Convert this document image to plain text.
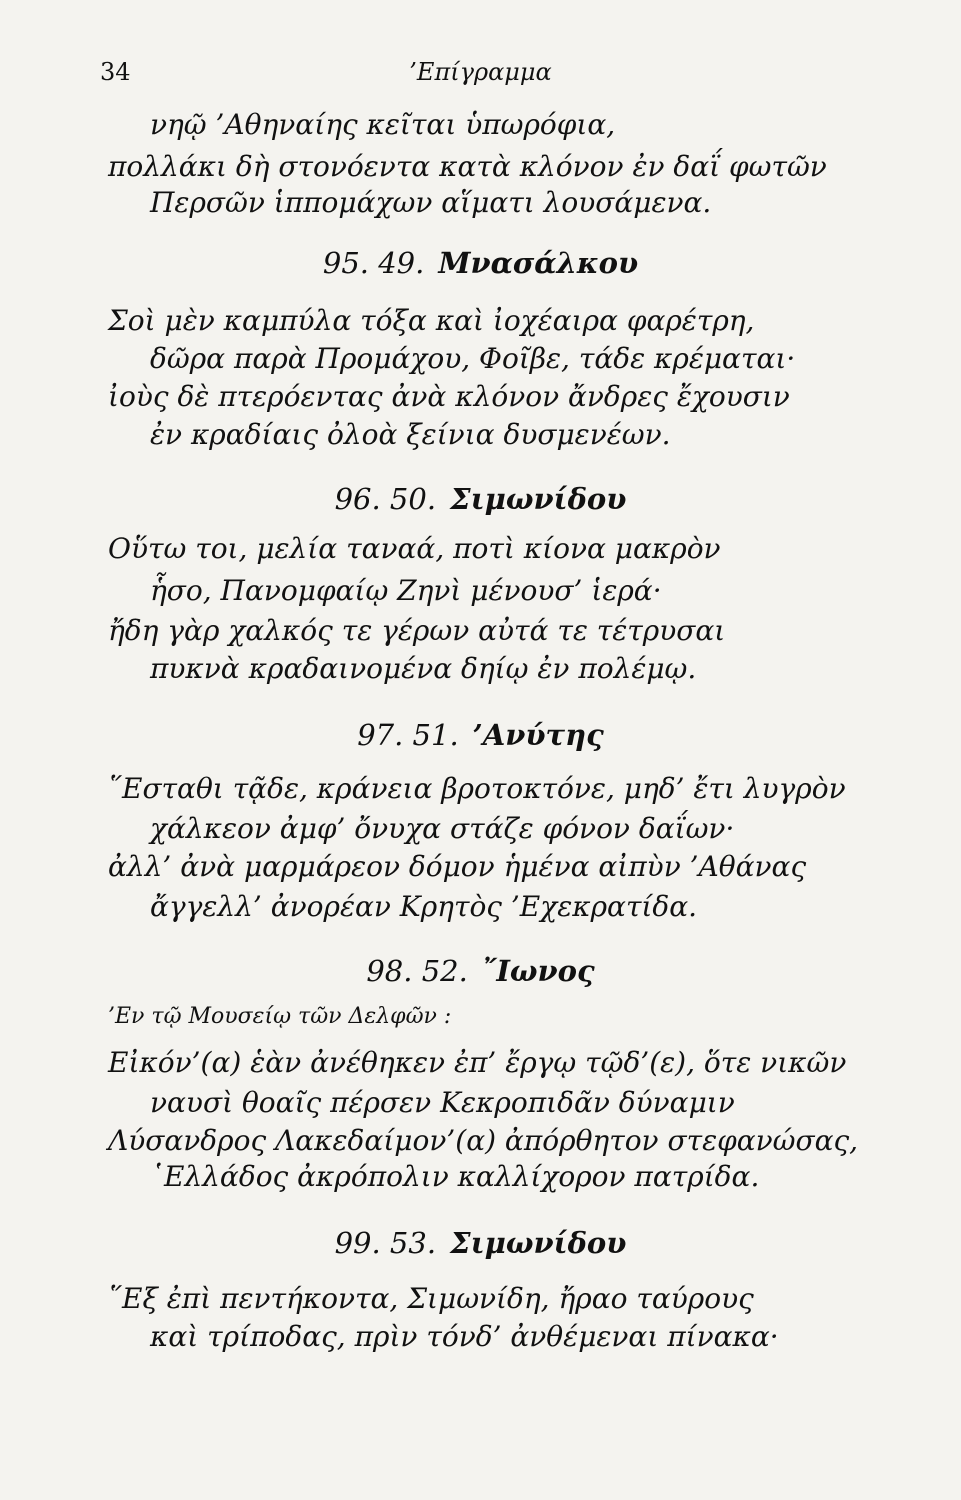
34	’Επίγραμμα
νηῷ ’Αθηναίης κεῖται ὑπωρόφια,
πολλάκι δὴ στονόεντα κατὰ κλόνον ἐν δαΐ φωτῶν
Περσῶν ἱππομάχων αἵματι λουσάμενα.
95. 49. Μνασάλκου
Σοὶ μὲν καμπύλα τόξα καὶ ἰοχέαιρα φαρέτρη,
δῶρα παρὰ Προμάχου, Φοῖβε, τάδε κρέμαται·
ἰοὺς δὲ πτερόεντας ἀνὰ κλόνον ἄνδρες ἔχουσιν
ἐν κραδίαις ὀλοὰ ξείνια δυσμενέων.
96. 50. Σιμωνίδου
Οὕτω τοι, μελία ταναά, ποτὶ κίονα μακρὸν
ἧσο, Πανομφαίῳ Ζηνὶ μένουσ’ ἱερά·
ἤδη γὰρ χαλκός τε γέρων αὐτά τε τέτρυσαι
πυκνὰ κραδαινομένα δηίῳ ἐν πολέμῳ.
97. 51. ’Ανύτης
῞Εσταθι τᾷδε, κράνεια βροτοκτόνε, μηδ’ ἔτι λυγρὸν
χάλκεον ἀμφ’ ὄνυχα στάζε φόνον δαΐων·
ἀλλ’ ἀνὰ μαρμάρεον δόμον ἡμένα αἰπὺν ’Αθάνας
ἄγγελλ’ ἀνορέαν Κρητὸς ’Εχεκρατίδα.
98. 52. ῎Ιωνος
’Εν τῷ Μουσείῳ τῶν Δελφῶν :
Εἰκόν’(α) ἑὰν ἀνέθηκεν ἐπ’ ἔργῳ τῷδ’(ε), ὅτε νικῶν
ναυσὶ θοαῖς πέρσεν Κεκροπιδᾶν δύναμιν
Λύσανδρος Λακεδαίμον’(α) ἀπόρθητον στεφανώσας,
῾Ελλάδος ἀκρόπολιν καλλίχορον πατρίδα.
99. 53. Σιμωνίδου
῞Εξ ἐπὶ πεντήκοντα, Σιμωνίδη, ἤραο ταύρους
καὶ τρίποδας, πρὶν τόνδ’ ἀνθέμεναι πίνακα·
